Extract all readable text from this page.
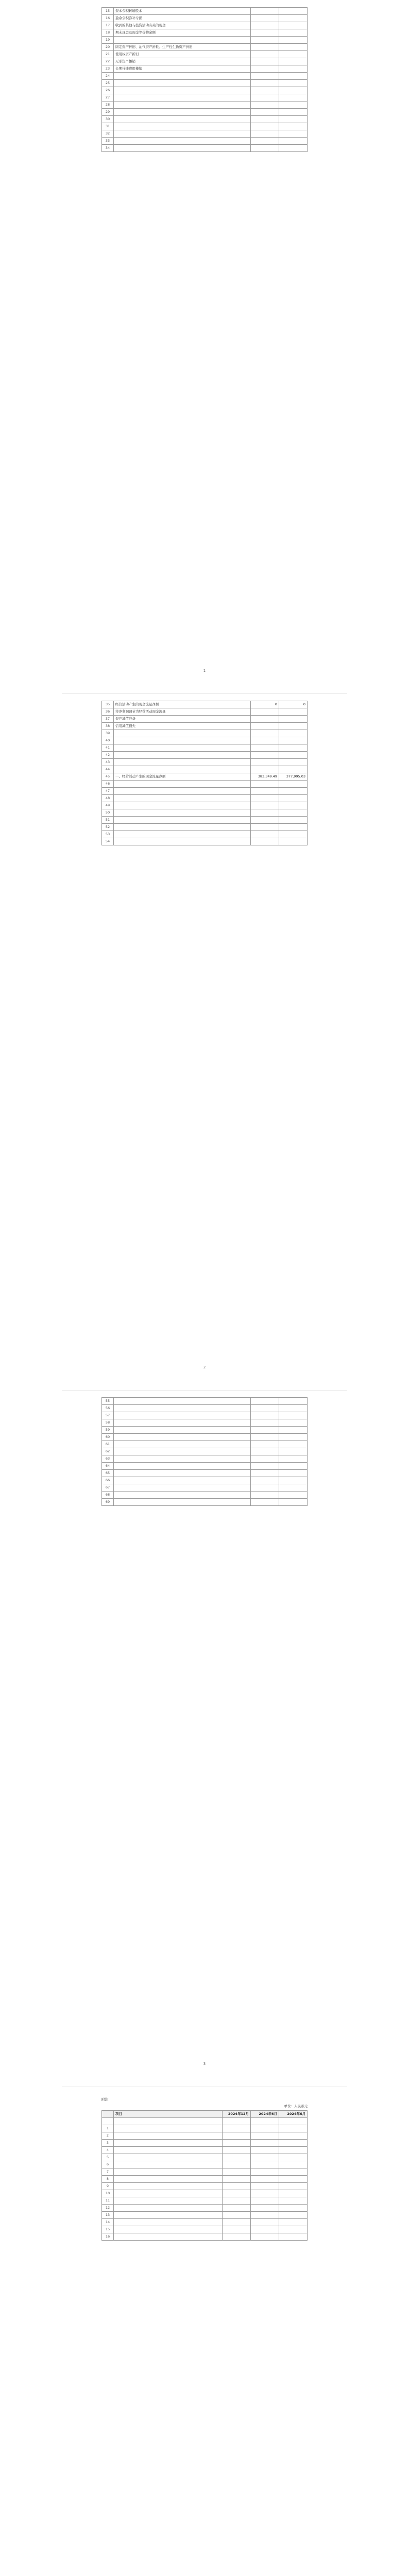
15	资本公积转增股本		
16	盈余公积弥补亏损		
17	收到的其他与投资活动有关的现金		
18	期末现金及现金等价物余额		
19			
20	固定资产折旧、油气资产折耗、生产性生物资产折旧		
21	使用权资产折旧		
22	无形资产摊销		
23	长期待摊费用摊销		
24			
25			
26			
27			
28			
29			
30			
31			
32			
33			
34			
1
35	经营活动产生的现金流量净额	0	0
36	将净利润调节为经营活动现金流量		
37	资产减值准备		
38	信用减值损失		
39			
40			
41			
42			
43			
44			
45	一、经营活动产生的现金流量净额	383,349.49	377,995.03
46			
47			
48			
49			
50			
51			
52			
53			
54			
2
55			
56			
57			
58			
59			
60			
61			
62			
63			
64			
65			
66			
67			
68			
69			
3
附注：
单位：人民币元
	项目	2024年12月	2024年6月	2024年6月

1				
2				
3				
4				
5				
6				
7				
8				
9				
10				
11				
12				
13				
14				
15				
16				
